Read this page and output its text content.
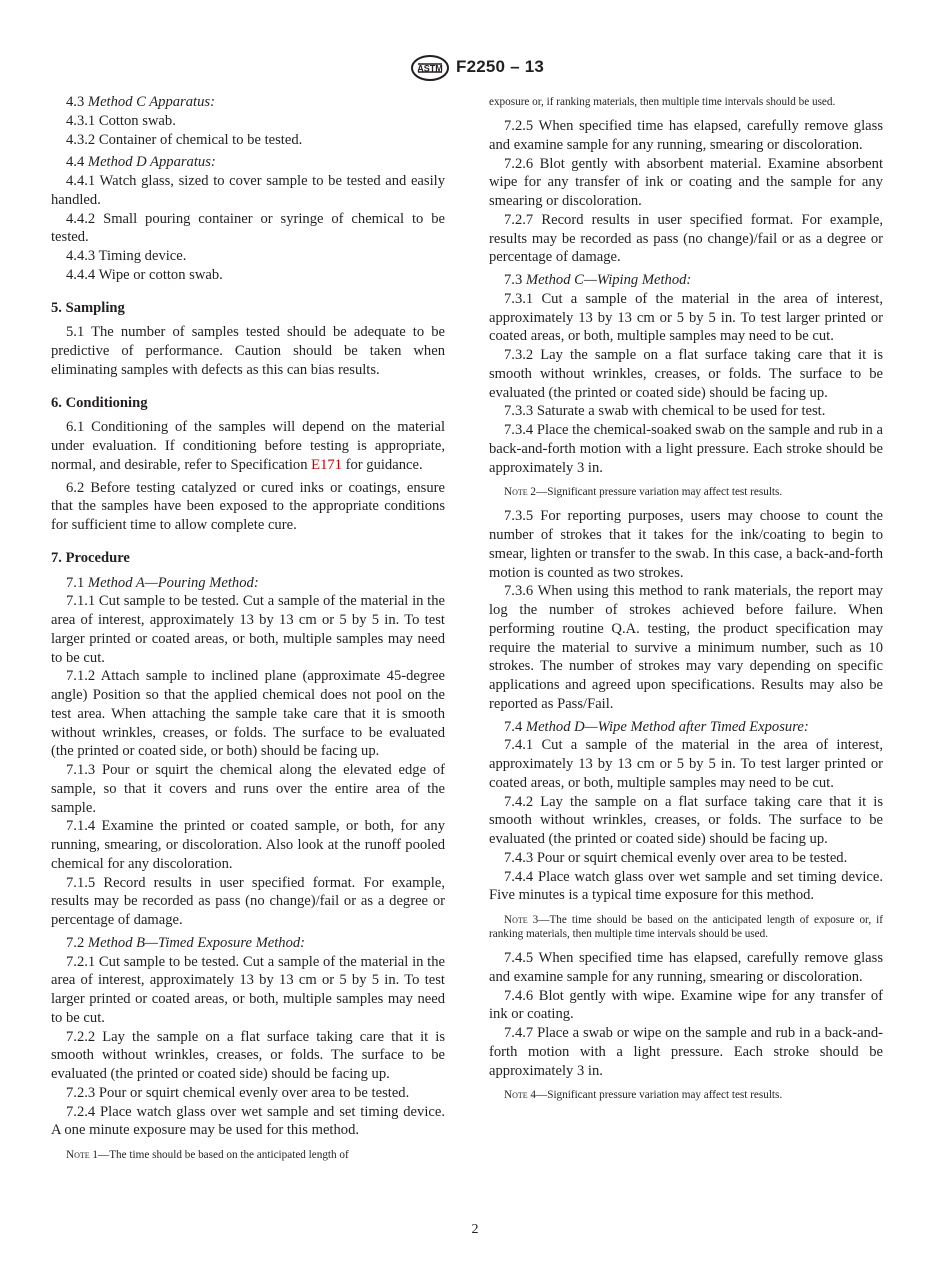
ASTM F2250 – 13

4.3 Method C Apparatus:

4.3.1 Cotton swab.

4.3.2 Container of chemical to be tested.

4.4 Method D Apparatus:

4.4.1 Watch glass, sized to cover sample to be tested and easily handled.

4.4.2 Small pouring container or syringe of chemical to be tested.

4.4.3 Timing device.

4.4.4 Wipe or cotton swab.

5. Sampling

5.1 The number of samples tested should be adequate to be predictive of performance. Caution should be taken when eliminating samples with defects as this can bias results.

6. Conditioning

6.1 Conditioning of the samples will depend on the material under evaluation. If conditioning before testing is appropriate, normal, and desirable, refer to Specification E171 for guidance.

6.2 Before testing catalyzed or cured inks or coatings, ensure that the samples have been exposed to the appropriate conditions for sufficient time to allow complete cure.

7. Procedure

7.1 Method A—Pouring Method:

7.1.1 Cut sample to be tested. Cut a sample of the material in the area of interest, approximately 13 by 13 cm or 5 by 5 in. To test larger printed or coated areas, or both, multiple samples may need to be cut.

7.1.2 Attach sample to inclined plane (approximate 45-degree angle) Position so that the applied chemical does not pool on the test area. When attaching the sample take care that it is smooth without wrinkles, creases, or folds. The surface to be evaluated (the printed or coated side, or both) should be facing up.

7.1.3 Pour or squirt the chemical along the elevated edge of sample, so that it covers and runs over the entire area of the sample.

7.1.4 Examine the printed or coated sample, or both, for any running, smearing, or discoloration. Also look at the runoff pooled chemical for any discoloration.

7.1.5 Record results in user specified format. For example, results may be recorded as pass (no change)/fail or as a degree or percentage of damage.

7.2 Method B—Timed Exposure Method:

7.2.1 Cut sample to be tested. Cut a sample of the material in the area of interest, approximately 13 by 13 cm or 5 by 5 in. To test larger printed or coated areas, or both, multiple samples may need to be cut.

7.2.2 Lay the sample on a flat surface taking care that it is smooth without wrinkles, creases, or folds. The surface to be evaluated (the printed or coated side) should be facing up.

7.2.3 Pour or squirt chemical evenly over area to be tested.

7.2.4 Place watch glass over wet sample and set timing device. A one minute exposure may be used for this method.

Note 1—The time should be based on the anticipated length of

exposure or, if ranking materials, then multiple time intervals should be used.

7.2.5 When specified time has elapsed, carefully remove glass and examine sample for any running, smearing or discoloration.

7.2.6 Blot gently with absorbent material. Examine absorbent wipe for any transfer of ink or coating and the sample for any smearing or discoloration.

7.2.7 Record results in user specified format. For example, results may be recorded as pass (no change)/fail or as a degree or percentage of damage.

7.3 Method C—Wiping Method:

7.3.1 Cut a sample of the material in the area of interest, approximately 13 by 13 cm or 5 by 5 in. To test larger printed or coated areas, or both, multiple samples may need to be cut.

7.3.2 Lay the sample on a flat surface taking care that it is smooth without wrinkles, creases, or folds. The surface to be evaluated (the printed or coated side) should be facing up.

7.3.3 Saturate a swab with chemical to be used for test.

7.3.4 Place the chemical-soaked swab on the sample and rub in a back-and-forth motion with a light pressure. Each stroke should be approximately 3 in.

Note 2—Significant pressure variation may affect test results.

7.3.5 For reporting purposes, users may choose to count the number of strokes that it takes for the ink/coating to begin to smear, lighten or transfer to the swab. In this case, a back-and-forth motion is counted as two strokes.

7.3.6 When using this method to rank materials, the report may log the number of strokes achieved before failure. When performing routine Q.A. testing, the product specification may require the material to survive a minimum number, such as 10 strokes. The number of strokes may vary depending on specific applications and agreed upon specifications. Results may also be reported as Pass/Fail.

7.4 Method D—Wipe Method after Timed Exposure:

7.4.1 Cut a sample of the material in the area of interest, approximately 13 by 13 cm or 5 by 5 in. To test larger printed or coated areas, or both, multiple samples may need to be cut.

7.4.2 Lay the sample on a flat surface taking care that it is smooth without wrinkles, creases, or folds. The surface to be evaluated (the printed or coated side) should be facing up.

7.4.3 Pour or squirt chemical evenly over area to be tested.

7.4.4 Place watch glass over wet sample and set timing device. Five minutes is a typical time exposure for this method.

Note 3—The time should be based on the anticipated length of exposure or, if ranking materials, then multiple time intervals should be used.

7.4.5 When specified time has elapsed, carefully remove glass and examine sample for any running, smearing or discoloration.

7.4.6 Blot gently with wipe. Examine wipe for any transfer of ink or coating.

7.4.7 Place a swab or wipe on the sample and rub in a back-and-forth motion with a light pressure. Each stroke should be approximately 3 in.

Note 4—Significant pressure variation may affect test results.

2
